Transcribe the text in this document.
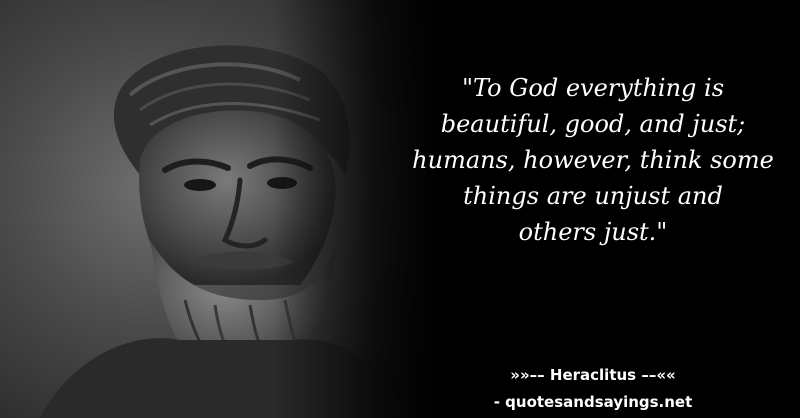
"To God everything is
beautiful, good, and just;
humans, however, think some
things are unjust and
others just."
»»–– Heraclitus ––««
- quotesandsayings.net
